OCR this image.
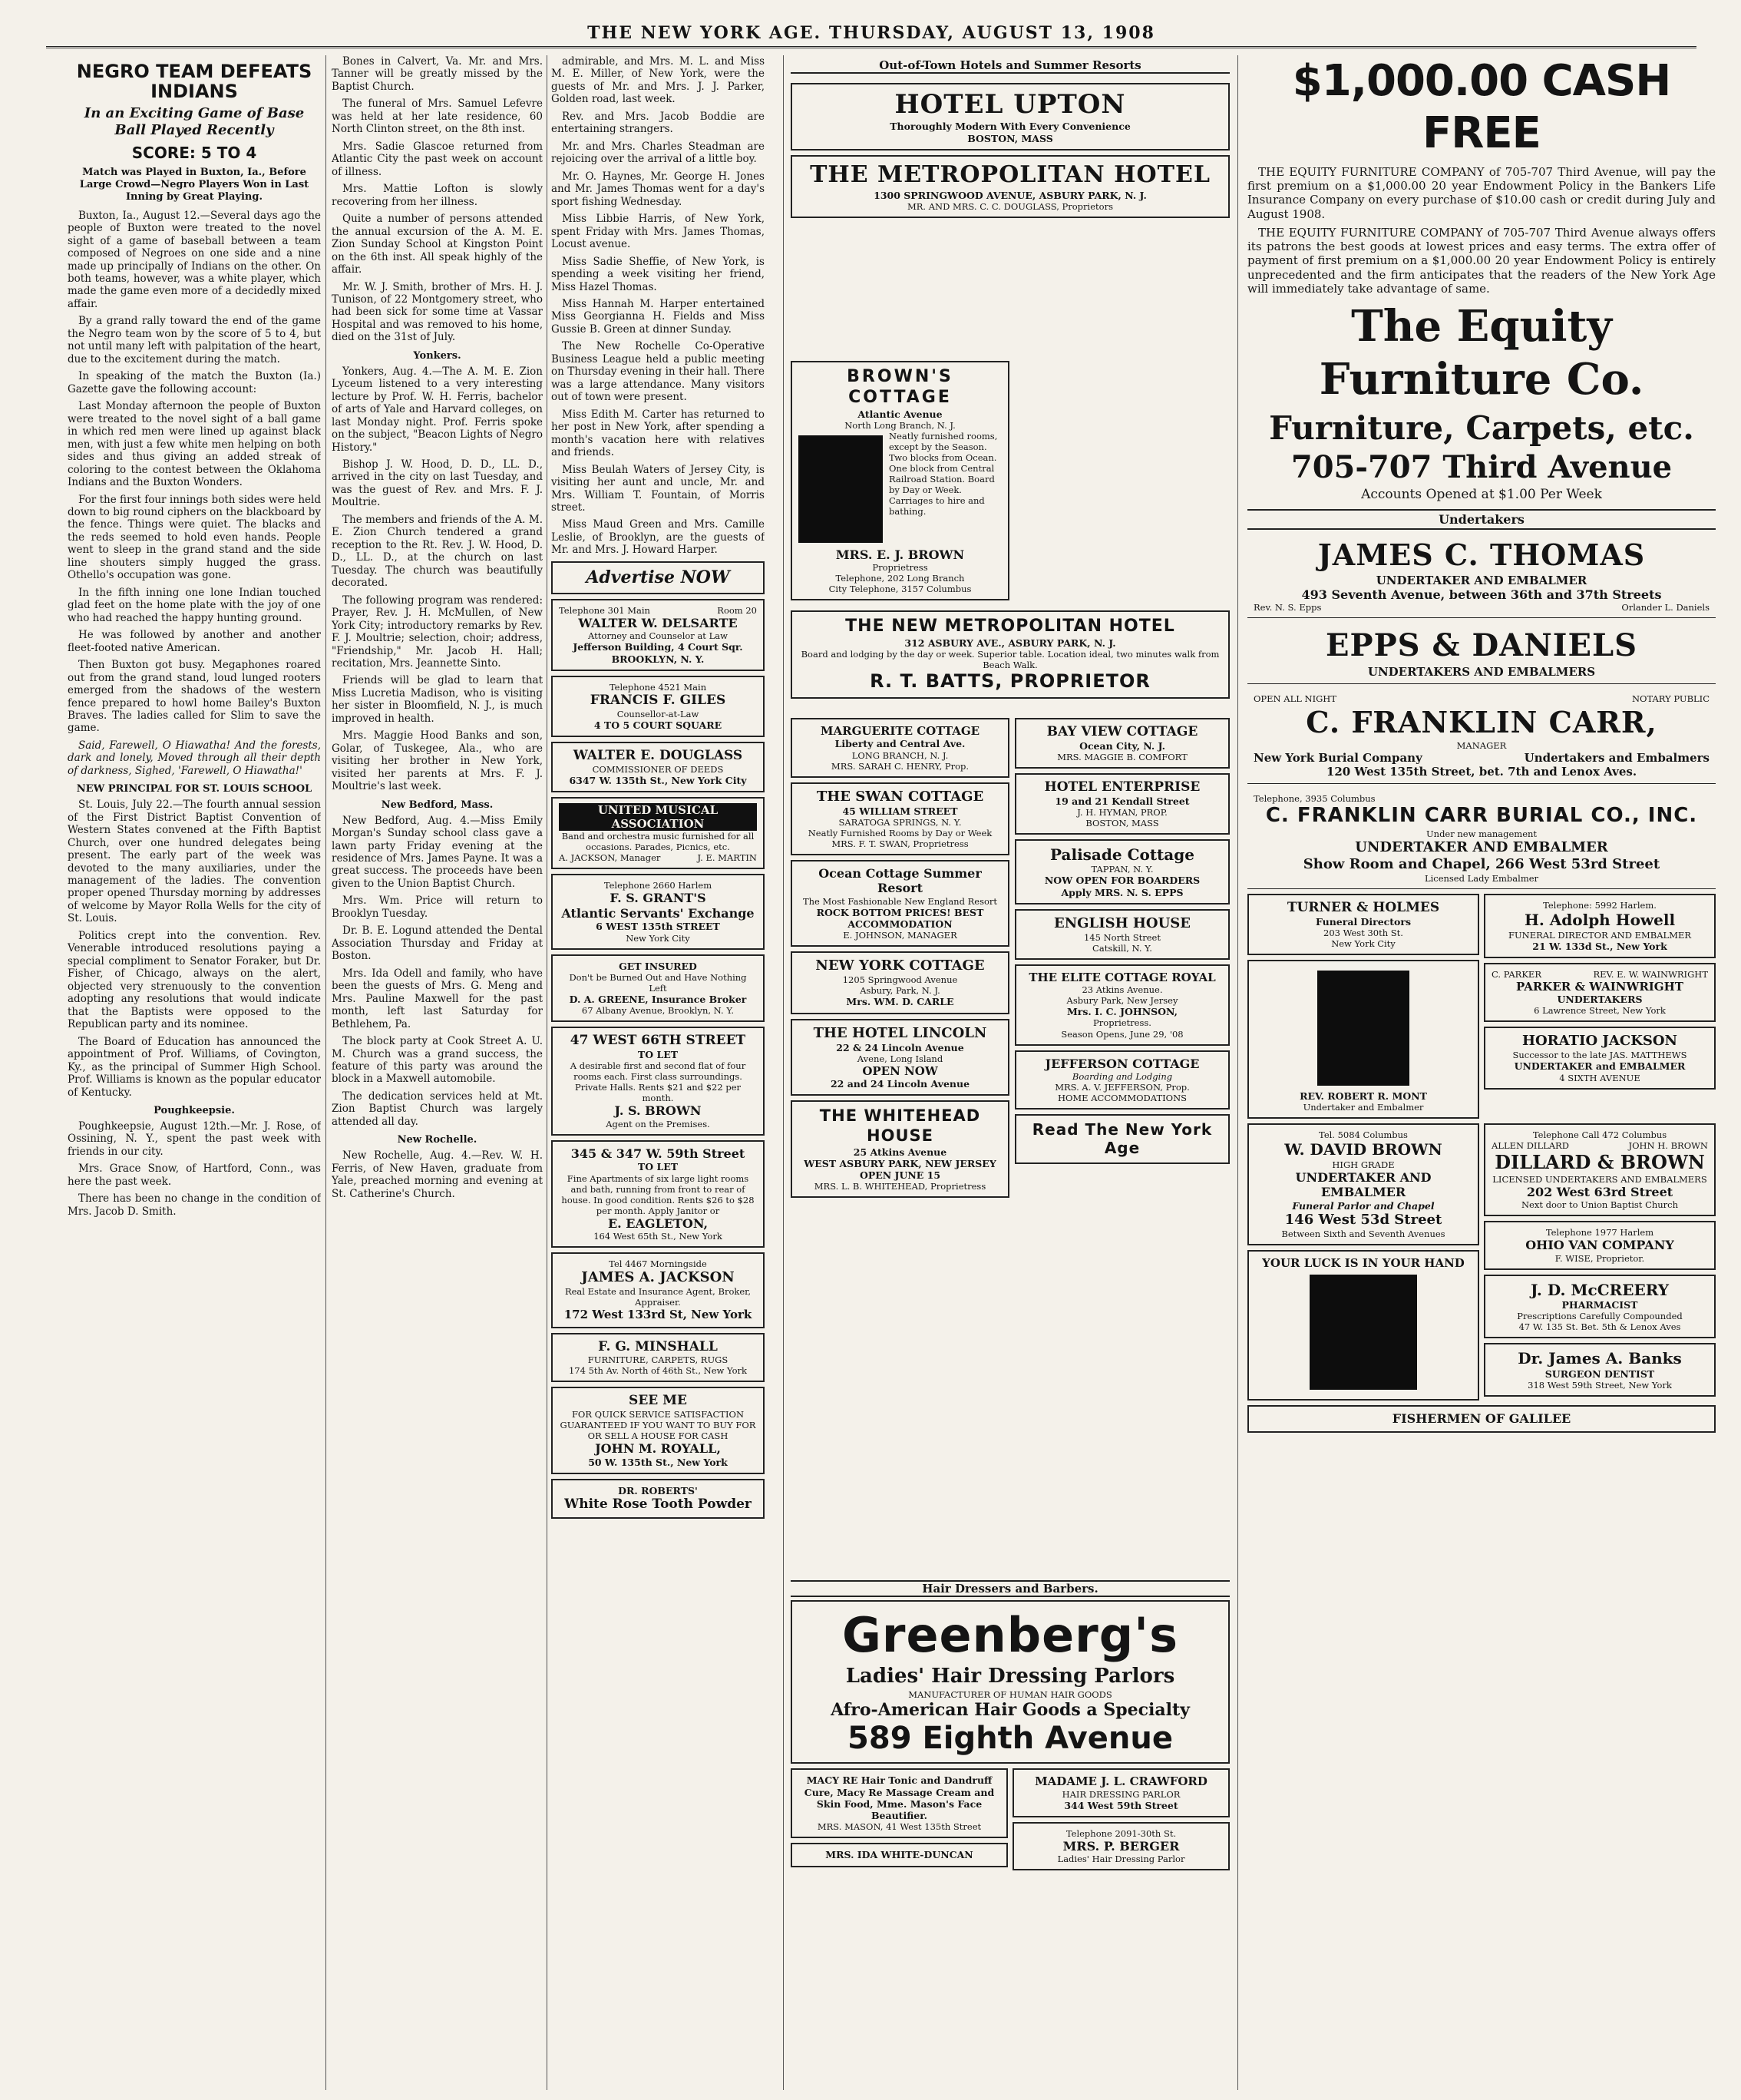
THE NEW YORK AGE. THURSDAY, AUGUST 13, 1908
NEGRO TEAM DEFEATS INDIANS
In an Exciting Game of Base Ball Played Recently
SCORE: 5 TO 4
Match was Played in Buxton, Ia., Before Large Crowd—Negro Players Won in Last Inning by Great Playing.

Buxton, Ia., August 12.—Several days ago the people of Buxton were treated to the novel sight of a game of baseball between a team composed of Negroes on one side and a nine made up principally of Indians on the other. On both teams, however, was a white player, which made the game even more of a decidedly mixed affair.

By a grand rally toward the end of the game the Negro team won by the score of 5 to 4, but not until many left with palpitation of the heart, due to the excitement during the match.

In speaking of the match the Buxton (Ia.) Gazette gave the following account:

Last Monday afternoon the people of Buxton were treated to the novel sight of a ball game in which red men were lined up against black men, with just a few white men helping on both sides and thus giving an added streak of coloring to the contest between the Oklahoma Indians and the Buxton Wonders.

For the first four innings both sides were held down to big round ciphers on the blackboard by the fence. Things were quiet. The blacks and the reds seemed to hold even hands. People went to sleep in the grand stand and the side line shouters simply hugged the grass. Othello's occupation was gone.

In the fifth inning one lone Indian touched glad feet on the home plate with the joy of one who had reached the happy hunting ground.

He was followed by another and another fleet-footed native American.

Then Buxton got busy. Megaphones roared out from the grand stand, loud lunged rooters emerged from the shadows of the western fence prepared to howl home Bailey's Buxton Braves. The ladies called for Slim to save the game.

Said, Farewell, O Hiawatha! And the forests, dark and lonely, Moved through all their depth of darkness, Sighed, 'Farewell, O Hiawatha!'

NEW PRINCIPAL FOR ST. LOUIS SCHOOL

St. Louis, July 22.—The fourth annual session of the First District Baptist Convention of Western States convened at the Fifth Baptist Church, over one hundred delegates being present. The early part of the week was devoted to the many auxiliaries, under the management of the ladies. The convention proper opened Thursday morning by addresses of welcome by Mayor Rolla Wells for the city of St. Louis.

Politics crept into the convention. Rev. Venerable introduced resolutions paying a special compliment to Senator Foraker, but Dr. Fisher, of Chicago, always on the alert, objected very strenuously to the convention adopting any resolutions that would indicate that the Baptists were opposed to the Republican party and its nominee.

The Board of Education has announced the appointment of Prof. Williams, of Covington, Ky., as the principal of Summer High School. Prof. Williams is known as the popular educator of Kentucky.

Poughkeepsie.

Poughkeepsie, August 12th.—Mr. J. Rose, of Ossining, N. Y., spent the past week with friends in our city.

Mrs. Grace Snow, of Hartford, Conn., was here the past week.

There has been no change in the condition of Mrs. Jacob D. Smith.

Bones in Calvert, Va. Mr. and Mrs. Tanner will be greatly missed by the Baptist Church.

The funeral of Mrs. Samuel Lefevre was held at her late residence, 60 North Clinton street, on the 8th inst.

Mrs. Sadie Glascoe returned from Atlantic City the past week on account of illness.

Mrs. Mattie Lofton is slowly recovering from her illness.

Quite a number of persons attended the annual excursion of the A. M. E. Zion Sunday School at Kingston Point on the 6th inst. All speak highly of the affair.

Mr. W. J. Smith, brother of Mrs. H. J. Tunison, of 22 Montgomery street, who had been sick for some time at Vassar Hospital and was removed to his home, died on the 31st of July.

Yonkers.

Yonkers, Aug. 4.—The A. M. E. Zion Lyceum listened to a very interesting lecture by Prof. W. H. Ferris, bachelor of arts of Yale and Harvard colleges, on last Monday night. Prof. Ferris spoke on the subject, "Beacon Lights of Negro History."

Bishop J. W. Hood, D. D., LL. D., arrived in the city on last Tuesday, and was the guest of Rev. and Mrs. F. J. Moultrie.

The members and friends of the A. M. E. Zion Church tendered a grand reception to the Rt. Rev. J. W. Hood, D. D., LL. D., at the church on last Tuesday. The church was beautifully decorated.

The following program was rendered: Prayer, Rev. J. H. McMullen, of New York City; introductory remarks by Rev. F. J. Moultrie; selection, choir; address, "Friendship," Mr. Jacob H. Hall; recitation, Mrs. Jeannette Sinto.

Friends will be glad to learn that Miss Lucretia Madison, who is visiting her sister in Bloomfield, N. J., is much improved in health.

Mrs. Maggie Hood Banks and son, Golar, of Tuskegee, Ala., who are visiting her brother in New York, visited her parents at Mrs. F. J. Moultrie's last week.

New Bedford, Mass.

New Bedford, Aug. 4.—Miss Emily Morgan's Sunday school class gave a lawn party Friday evening at the residence of Mrs. James Payne. It was a great success. The proceeds have been given to the Union Baptist Church.

Mrs. Wm. Price will return to Brooklyn Tuesday.

Dr. B. E. Logund attended the Dental Association Thursday and Friday at Boston.

Mrs. Ida Odell and family, who have been the guests of Mrs. G. Meng and Mrs. Pauline Maxwell for the past month, left last Saturday for Bethlehem, Pa.

The block party at Cook Street A. U. M. Church was a grand success, the feature of this party was around the block in a Maxwell automobile.

The dedication services held at Mt. Zion Baptist Church was largely attended all day.

New Rochelle.

New Rochelle, Aug. 4.—Rev. W. H. Ferris, of New Haven, graduate from Yale, preached morning and evening at St. Catherine's Church.

admirable, and Mrs. M. L. and Miss M. E. Miller, of New York, were the guests of Mr. and Mrs. J. J. Parker, Golden road, last week.

Rev. and Mrs. Jacob Boddie are entertaining strangers.

Mr. and Mrs. Charles Steadman are rejoicing over the arrival of a little boy.

Mr. O. Haynes, Mr. George H. Jones and Mr. James Thomas went for a day's sport fishing Wednesday.

Miss Libbie Harris, of New York, spent Friday with Mrs. James Thomas, Locust avenue.

Miss Sadie Sheffie, of New York, is spending a week visiting her friend, Miss Hazel Thomas.

Miss Hannah M. Harper entertained Miss Georgianna H. Fields and Miss Gussie B. Green at dinner Sunday.

The New Rochelle Co-Operative Business League held a public meeting on Thursday evening in their hall. There was a large attendance. Many visitors out of town were present.

Miss Edith M. Carter has returned to her post in New York, after spending a month's vacation here with relatives and friends.

Miss Beulah Waters of Jersey City, is visiting her aunt and uncle, Mr. and Mrs. William T. Fountain, of Morris street.

Miss Maud Green and Mrs. Camille Leslie, of Brooklyn, are the guests of Mr. and Mrs. J. Howard Harper.

Advertise NOW
Telephone 301 Main	Room 20
WALTER W. DELSARTE
Attorney and Counselor at Law
Jefferson Building, 4 Court Sqr. BROOKLYN, N. Y.
Telephone 4521 Main
FRANCIS F. GILES
Counsellor-at-Law
4 TO 5 COURT SQUARE
WALTER E. DOUGLASS
COMMISSIONER OF DEEDS
6347 W. 135th St., New York City
UNITED MUSICAL ASSOCIATION
Band and orchestra music furnished for all occasions. Parades, Picnics, etc.
A. JACKSON, Manager	J. E. MARTIN
Telephone 2660 Harlem
F. S. GRANT'S
Atlantic Servants' Exchange
6 WEST 135th STREET
New York City
GET INSURED
Don't be Burned Out and Have Nothing Left
D. A. GREENE, Insurance Broker
67 Albany Avenue, Brooklyn, N. Y.
47 WEST 66TH STREET
TO LET
A desirable first and second flat of four rooms each. First class surroundings. Private Halls. Rents $21 and $22 per month.
J. S. BROWN
Agent on the Premises.
345 & 347 W. 59th Street
TO LET
Fine Apartments of six large light rooms and bath, running from front to rear of house. In good condition. Rents $26 to $28 per month. Apply Janitor or
E. EAGLETON,
164 West 65th St., New York
Tel 4467 Morningside
JAMES A. JACKSON
Real Estate and Insurance Agent, Broker, Appraiser.
172 West 133rd St, New York
F. G. MINSHALL
FURNITURE, CARPETS, RUGS
174 5th Av. North of 46th St., New York
SEE ME
FOR QUICK SERVICE SATISFACTION GUARANTEED IF YOU WANT TO BUY FOR OR SELL A HOUSE FOR CASH
JOHN M. ROYALL,
50 W. 135th St., New York
DR. ROBERTS'
White Rose Tooth Powder
Out-of-Town Hotels and Summer Resorts
HOTEL UPTON
Thoroughly Modern With Every Convenience
BOSTON, MASS
THE METROPOLITAN HOTEL
1300 SPRINGWOOD AVENUE, ASBURY PARK, N. J.
MR. AND MRS. C. C. DOUGLASS, Proprietors
BROWN'S COTTAGE
Atlantic Avenue
North Long Branch, N. J.
Neatly furnished rooms, except by the Season. Two blocks from Ocean. One block from Central Railroad Station. Board by Day or Week. Carriages to hire and bathing.
MRS. E. J. BROWN
Proprietress
Telephone, 202 Long Branch
City Telephone, 3157 Columbus
THE NEW METROPOLITAN HOTEL
312 ASBURY AVE., ASBURY PARK, N. J.
Board and lodging by the day or week. Superior table. Location ideal, two minutes walk from Beach Walk.
R. T. BATTS, PROPRIETOR
MARGUERITE COTTAGE
Liberty and Central Ave.
LONG BRANCH, N. J.
MRS. SARAH C. HENRY, Prop.
THE SWAN COTTAGE
45 WILLIAM STREET
SARATOGA SPRINGS, N. Y.
Neatly Furnished Rooms by Day or Week
MRS. F. T. SWAN, Proprietress
Ocean Cottage Summer Resort
The Most Fashionable New England Resort
ROCK BOTTOM PRICES! BEST ACCOMMODATION
E. JOHNSON, MANAGER
NEW YORK COTTAGE
1205 Springwood Avenue
Asbury, Park, N. J.
Mrs. WM. D. CARLE
THE HOTEL LINCOLN
22 & 24 Lincoln Avenue
Avene, Long Island
OPEN NOW
22 and 24 Lincoln Avenue
THE WHITEHEAD HOUSE
25 Atkins Avenue
WEST ASBURY PARK, NEW JERSEY
OPEN JUNE 15
MRS. L. B. WHITEHEAD, Proprietress
BAY VIEW COTTAGE
Ocean City, N. J.
MRS. MAGGIE B. COMFORT
HOTEL ENTERPRISE
19 and 21 Kendall Street
J. H. HYMAN, PROP.
BOSTON, MASS
Palisade Cottage
TAPPAN, N. Y.
NOW OPEN FOR BOARDERS
Apply MRS. N. S. EPPS
ENGLISH HOUSE
145 North Street
Catskill, N. Y.
THE ELITE COTTAGE ROYAL
23 Atkins Avenue.
Asbury Park, New Jersey
Mrs. I. C. JOHNSON,
Proprietress.
Season Opens, June 29, '08
JEFFERSON COTTAGE
Boarding and Lodging
MRS. A. V. JEFFERSON, Prop.
HOME ACCOMMODATIONS
Read The New York Age
Hair Dressers and Barbers.
Greenberg's
Ladies' Hair Dressing Parlors
MANUFACTURER OF HUMAN HAIR GOODS
Afro-American Hair Goods a Specialty
589 Eighth Avenue
MACY RE Hair Tonic and Dandruff Cure, Macy Re Massage Cream and Skin Food, Mme. Mason's Face Beautifier.
MRS. MASON, 41 West 135th Street
MRS. IDA WHITE-DUNCAN
MADAME J. L. CRAWFORD
HAIR DRESSING PARLOR
344 West 59th Street
Telephone 2091-30th St.
MRS. P. BERGER
Ladies' Hair Dressing Parlor
$1,000.00 CASH FREE

THE EQUITY FURNITURE COMPANY of 705-707 Third Avenue, will pay the first premium on a $1,000.00 20 year Endowment Policy in the Bankers Life Insurance Company on every purchase of $10.00 cash or credit during July and August 1908.

THE EQUITY FURNITURE COMPANY of 705-707 Third Avenue always offers its patrons the best goods at lowest prices and easy terms. The extra offer of payment of first premium on a $1,000.00 20 year Endowment Policy is entirely unprecedented and the firm anticipates that the readers of the New York Age will immediately take advantage of same.

The Equity Furniture Co.
Furniture, Carpets, etc.
705-707 Third Avenue
Accounts Opened at $1.00 Per Week
Undertakers
JAMES C. THOMAS
UNDERTAKER AND EMBALMER
493 Seventh Avenue, between 36th and 37th Streets
Rev. N. S. Epps	Orlander L. Daniels
EPPS & DANIELS
UNDERTAKERS AND EMBALMERS
OPEN ALL NIGHT	NOTARY PUBLIC
C. FRANKLIN CARR,
MANAGER
New York Burial Company	Undertakers and Embalmers
120 West 135th Street, bet. 7th and Lenox Aves.
Telephone, 3935 Columbus
C. FRANKLIN CARR BURIAL CO., INC.
Under new management
UNDERTAKER AND EMBALMER
Show Room and Chapel, 266 West 53rd Street
Licensed Lady Embalmer
TURNER & HOLMES
Funeral Directors
203 West 30th St.
New York City
REV. ROBERT R. MONT
Undertaker and Embalmer
Telephone: 5992 Harlem.
H. Adolph Howell
FUNERAL DIRECTOR AND EMBALMER
21 W. 133d St., New York
C. PARKER	REV. E. W. WAINWRIGHT
PARKER & WAINWRIGHT
UNDERTAKERS
6 Lawrence Street, New York
HORATIO JACKSON
Successor to the late JAS. MATTHEWS
UNDERTAKER and EMBALMER
4 SIXTH AVENUE
Tel. 5084 Columbus
W. DAVID BROWN
HIGH GRADE
UNDERTAKER AND EMBALMER
Funeral Parlor and Chapel
146 West 53d Street
Between Sixth and Seventh Avenues
YOUR LUCK IS IN YOUR HAND
Telephone Call 472 Columbus
ALLEN DILLARD	JOHN H. BROWN
DILLARD & BROWN
LICENSED UNDERTAKERS AND EMBALMERS
202 West 63rd Street
Next door to Union Baptist Church
Telephone 1977 Harlem
OHIO VAN COMPANY
F. WISE, Proprietor.
J. D. McCREERY
PHARMACIST
Prescriptions Carefully Compounded
47 W. 135 St. Bet. 5th & Lenox Aves
Dr. James A. Banks
SURGEON DENTIST
318 West 59th Street, New York
FISHERMEN OF GALILEE
